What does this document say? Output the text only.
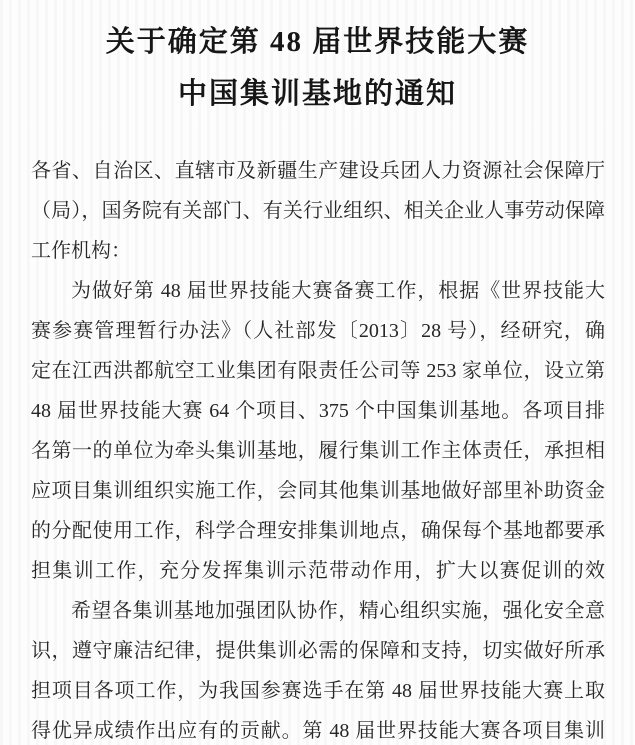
关于确定第 48 届世界技能大赛
中国集训基地的通知

各省、自治区、直辖市及新疆生产建设兵团人力资源社会保障厅
（局），国务院有关部门、有关行业组织、相关企业人事劳动保障
工作机构：

为做好第 48 届世界技能大赛备赛工作，根据《世界技能大
赛参赛管理暂行办法》（人社部发〔2013〕28 号），经研究，确
定在江西洪都航空工业集团有限责任公司等 253 家单位，设立第
48 届世界技能大赛 64 个项目、375 个中国集训基地。各项目排
名第一的单位为牵头集训基地，履行集训工作主体责任，承担相
应项目集训组织实施工作，会同其他集训基地做好部里补助资金
的分配使用工作，科学合理安排集训地点，确保每个基地都要承
担集训工作，充分发挥集训示范带动作用，扩大以赛促训的效

希望各集训基地加强团队协作，精心组织实施，强化安全意
识，遵守廉洁纪律，提供集训必需的保障和支持，切实做好所承
担项目各项工作，为我国参赛选手在第 48 届世界技能大赛上取
得优异成绩作出应有的贡献。第 48 届世界技能大赛各项目集训
